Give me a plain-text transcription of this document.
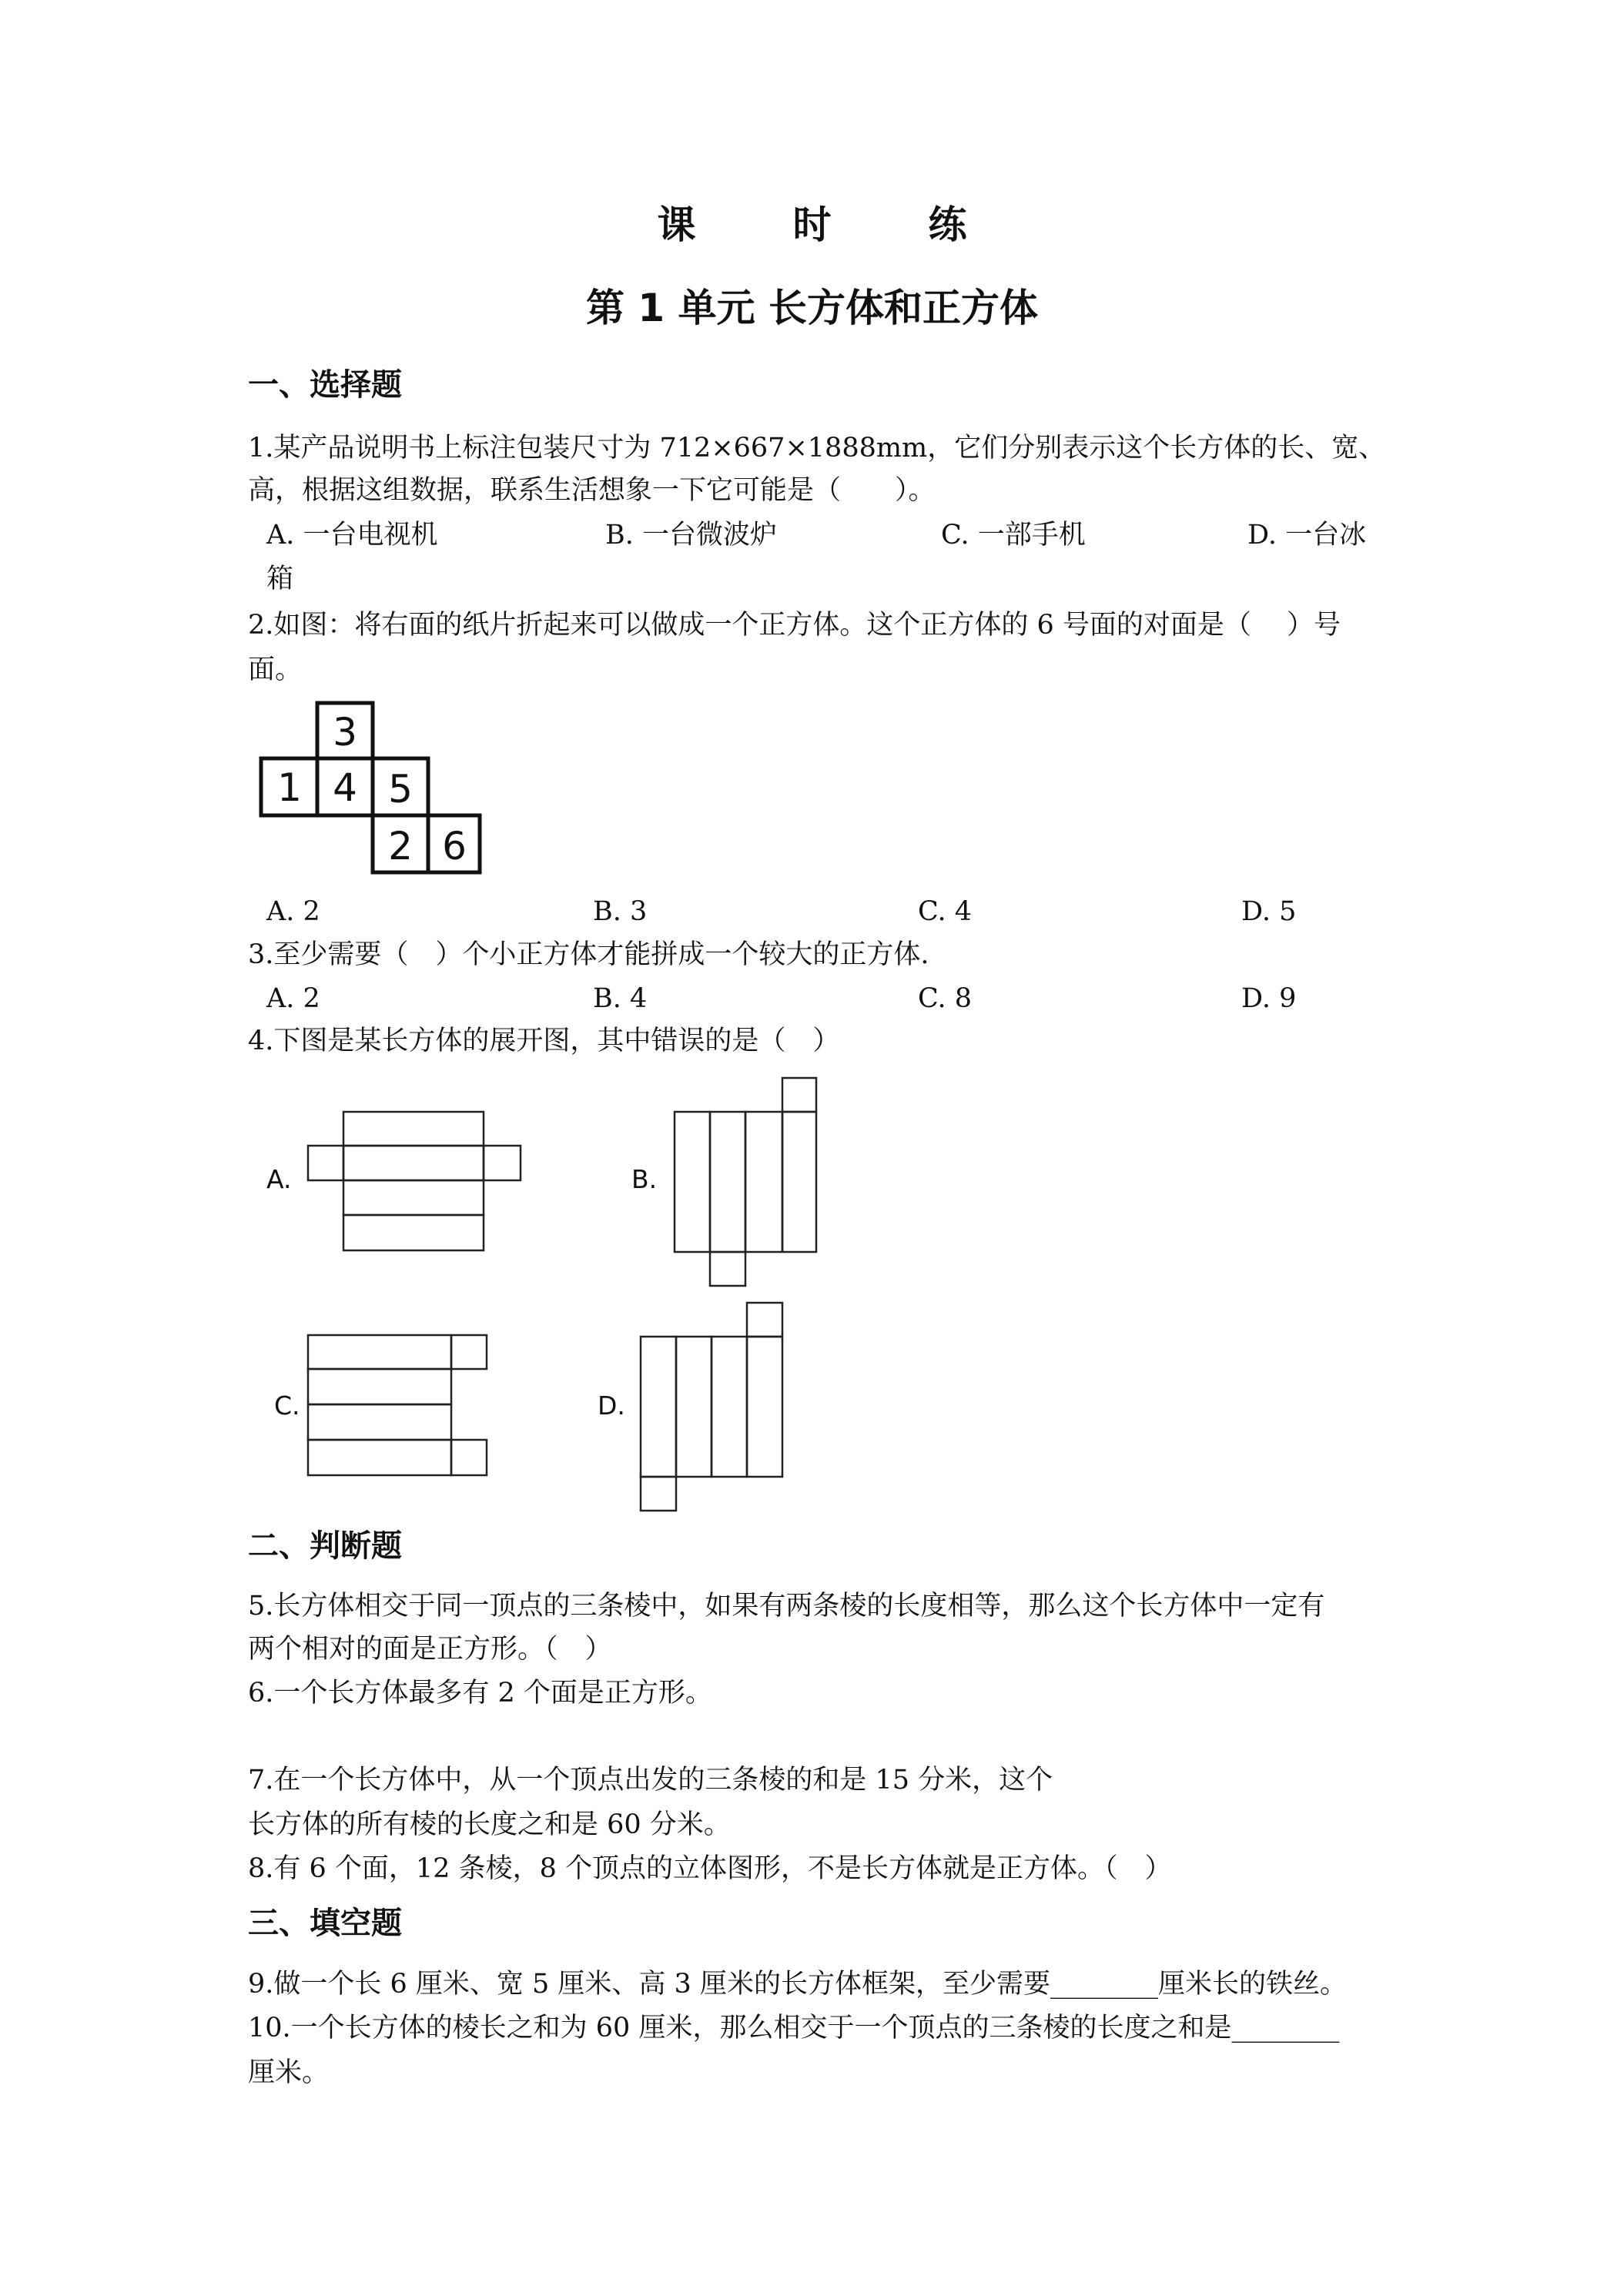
课　时　练
第 1 单元 长方体和正方体
一、选择题
1.某产品说明书上标注包装尺寸为 712×667×1888mm，它们分别表示这个长方体的长、宽、
高，根据这组数据，联系生活想象一下它可能是（　　）。
A. 一台电视机	B. 一台微波炉	C. 一部手机	D. 一台冰
箱
2.如图：将右面的纸片折起来可以做成一个正方体。这个正方体的 6 号面的对面是（　 ）号
面。
3
1 4 5
2 6
A. 2	B. 3	C. 4	D. 5
3.至少需要（　）个小正方体才能拼成一个较大的正方体.
A. 2	B. 4	C. 8	D. 9
4.下图是某长方体的展开图，其中错误的是（　）
A.	B.
C.	D.
二、判断题
5.长方体相交于同一顶点的三条棱中，如果有两条棱的长度相等，那么这个长方体中一定有
两个相对的面是正方形。（　）
6.一个长方体最多有 2 个面是正方形。
7.在一个长方体中，从一个顶点出发的三条棱的和是 15 分米，这个
长方体的所有棱的长度之和是 60 分米。
8.有 6 个面，12 条棱，8 个顶点的立体图形，不是长方体就是正方体。（　）
三、填空题
9.做一个长 6 厘米、宽 5 厘米、高 3 厘米的长方体框架，至少需要________厘米长的铁丝。
10.一个长方体的棱长之和为 60 厘米，那么相交于一个顶点的三条棱的长度之和是________
厘米。
